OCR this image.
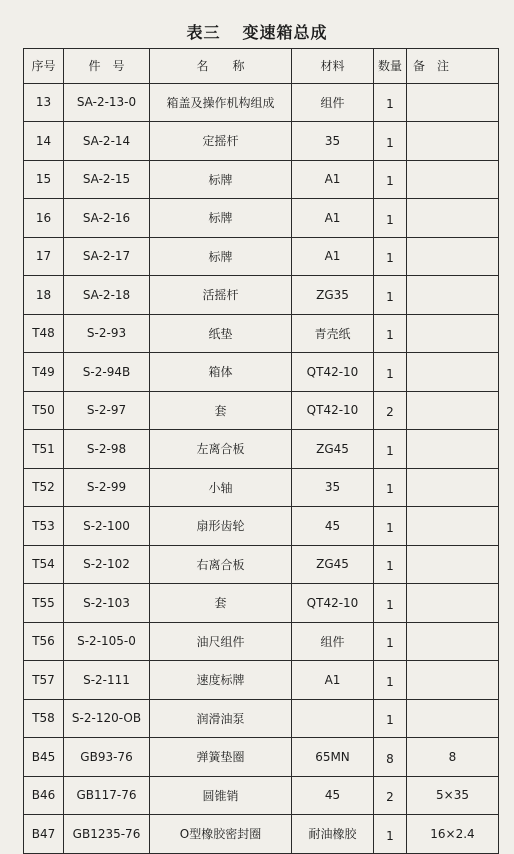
表三 变速箱总成
序号	件　号	名　　称	材料	数量	备　注
13	SA-2-13-0	箱盖及操作机构组成	组件	1	
14	SA-2-14	定摇杆	35	1	
15	SA-2-15	标牌	A1	1	
16	SA-2-16	标牌	A1	1	
17	SA-2-17	标牌	A1	1	
18	SA-2-18	活摇杆	ZG35	1	
T48	S-2-93	纸垫	青壳纸	1	
T49	S-2-94B	箱体	QT42-10	1	
T50	S-2-97	套	QT42-10	2	
T51	S-2-98	左离合板	ZG45	1	
T52	S-2-99	小轴	35	1	
T53	S-2-100	扇形齿轮	45	1	
T54	S-2-102	右离合板	ZG45	1	
T55	S-2-103	套	QT42-10	1	
T56	S-2-105-0	油尺组件	组件	1	
T57	S-2-111	速度标牌	A1	1	
T58	S-2-120-OB	润滑油泵		1	
B45	GB93-76	弹簧垫圈	65MN	8	8
B46	GB117-76	圆锥销	45	2	5×35
B47	GB1235-76	O型橡胶密封圈	耐油橡胶	1	16×2.4
